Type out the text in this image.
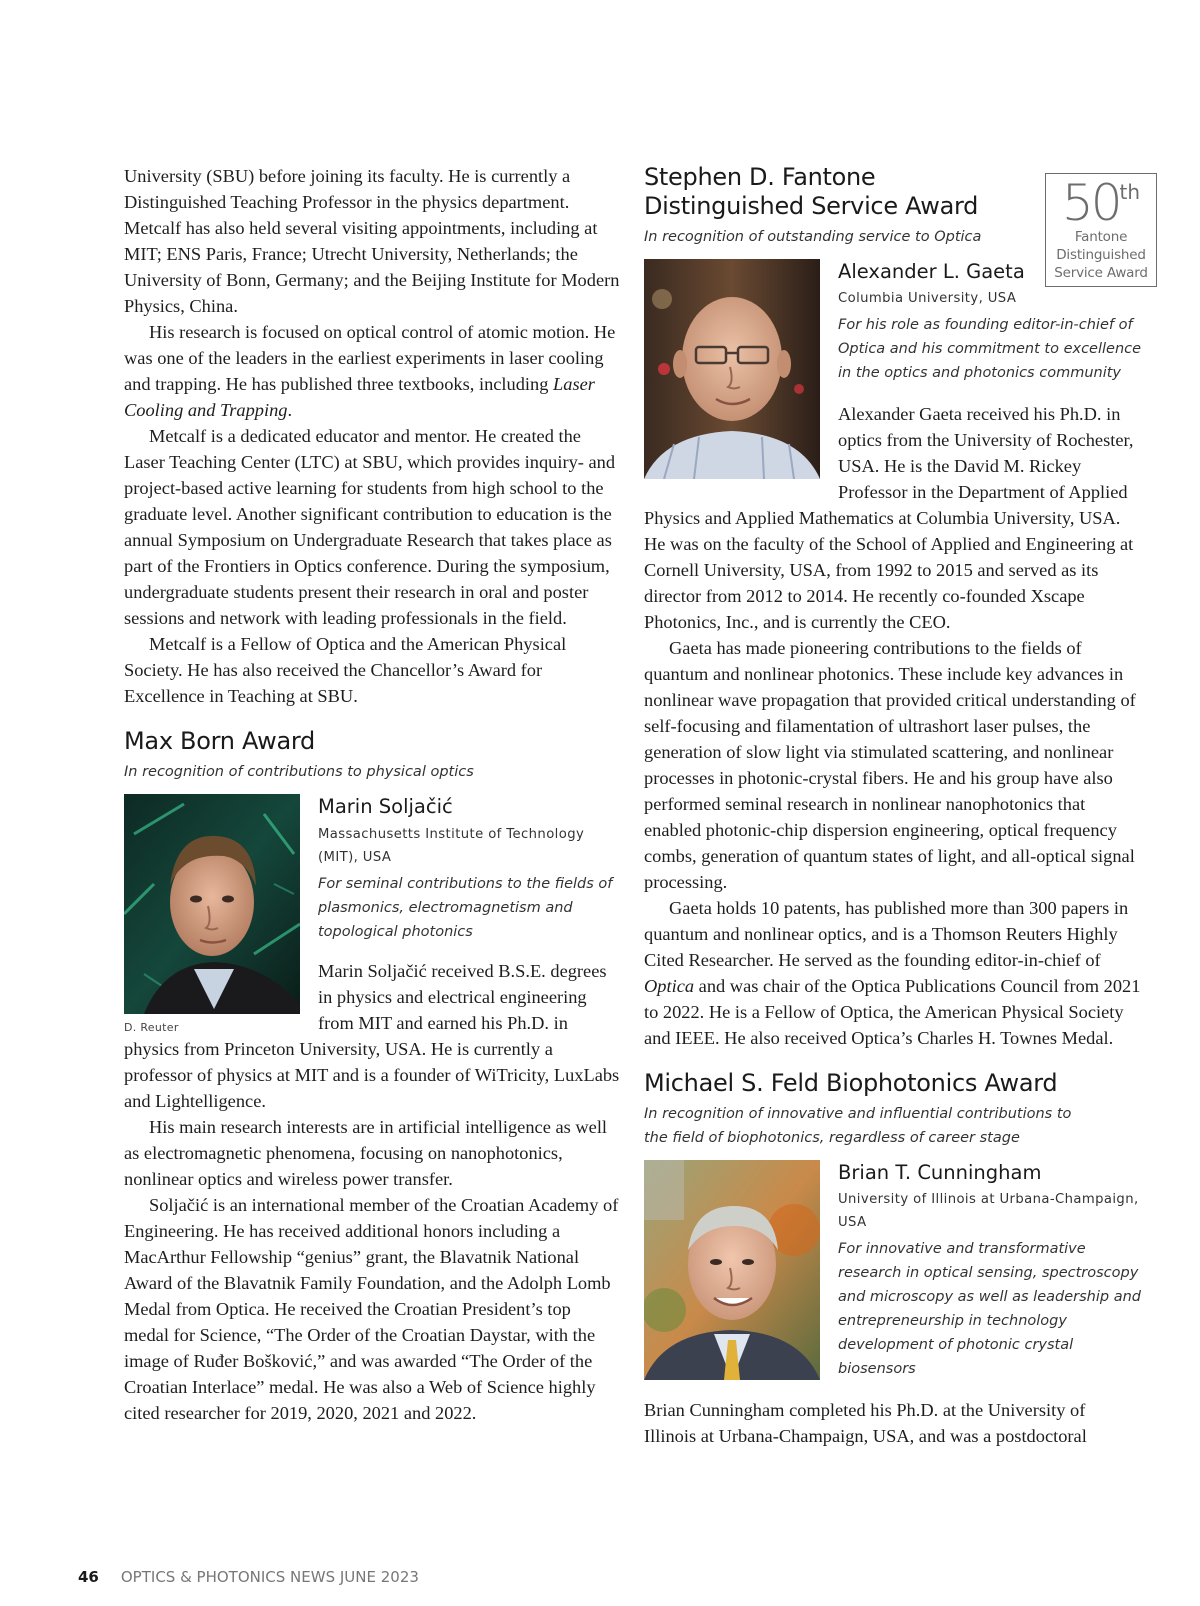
University (SBU) before joining its faculty. He is currently a Distinguished Teaching Professor in the physics department. Metcalf has also held several visiting appointments, including at MIT; ENS Paris, France; Utrecht University, Netherlands; the University of Bonn, Germany; and the Beijing Institute for Modern Physics, China.

His research is focused on optical control of atomic motion. He was one of the leaders in the earliest experiments in laser cooling and trapping. He has published three textbooks, including Laser Cooling and Trapping.

Metcalf is a dedicated educator and mentor. He created the Laser Teaching Center (LTC) at SBU, which provides inquiry- and project-based active learning for students from high school to the graduate level. Another significant contribution to education is the annual Symposium on Undergraduate Research that takes place as part of the Frontiers in Optics conference. During the symposium, undergraduate students present their research in oral and poster sessions and network with leading professionals in the field.

Metcalf is a Fellow of Optica and the American Physical Society. He has also received the Chancellor’s Award for Excellence in Teaching at SBU.

Max Born Award

In recognition of contributions to physical optics

D. Reuter

Marin Soljačić

Massachusetts Institute of Technology (MIT), USA

For seminal contributions to the fields of plasmonics, electromagnetism and topological photonics

Marin Soljačić received B.S.E. degrees in physics and electrical engineering from MIT and earned his Ph.D. in physics from Princeton University, USA. He is currently a professor of physics at MIT and is a founder of WiTricity, LuxLabs and Lightelligence.

His main research interests are in artificial intelligence as well as electromagnetic phenomena, focusing on nanophotonics, nonlinear optics and wireless power transfer.

Soljačić is an international member of the Croatian Academy of Engineering. He has received additional honors including a MacArthur Fellowship “genius” grant, the Blavatnik National Award of the Blavatnik Family Foundation, and the Adolph Lomb Medal from Optica. He received the Croatian President’s top medal for Science, “The Order of the Croatian Daystar, with the image of Ruđer Bošković,” and was awarded “The Order of the Croatian Interlace” medal. He was also a Web of Science highly cited researcher for 2019, 2020, 2021 and 2022.

50th
Fantone
Distinguished
Service Award
Stephen D. Fantone Distinguished Service Award

In recognition of outstanding service to Optica

Alexander L. Gaeta

Columbia University, USA

For his role as founding editor-in-chief of Optica and his commitment to excellence in the optics and photonics community

Alexander Gaeta received his Ph.D. in optics from the University of Rochester, USA. He is the David M. Rickey Professor in the Department of Applied Physics and Applied Mathematics at Columbia University, USA. He was on the faculty of the School of Applied and Engineering at Cornell University, USA, from 1992 to 2015 and served as its director from 2012 to 2014. He recently co-founded Xscape Photonics, Inc., and is currently the CEO.

Gaeta has made pioneering contributions to the fields of quantum and nonlinear photonics. These include key advances in nonlinear wave propagation that provided critical understanding of self-focusing and filamentation of ultrashort laser pulses, the generation of slow light via stimulated scattering, and nonlinear processes in photonic-crystal fibers. He and his group have also performed seminal research in nonlinear nanophotonics that enabled photonic-chip dispersion engineering, optical frequency combs, generation of quantum states of light, and all-optical signal processing.

Gaeta holds 10 patents, has published more than 300 papers in quantum and nonlinear optics, and is a Thomson Reuters Highly Cited Researcher. He served as the founding editor-in-chief of Optica and was chair of the Optica Publications Council from 2021 to 2022. He is a Fellow of Optica, the American Physical Society and IEEE. He also received Optica’s Charles H. Townes Medal.

Michael S. Feld Biophotonics Award

In recognition of innovative and influential contributions to the field of biophotonics, regardless of career stage

Brian T. Cunningham

University of Illinois at Urbana-Champaign, USA

For innovative and transformative research in optical sensing, spectroscopy and microscopy as well as leadership and entrepreneurship in technology development of photonic crystal biosensors

Brian Cunningham completed his Ph.D. at the University of Illinois at Urbana-Champaign, USA, and was a postdoctoral

46 OPTICS & PHOTONICS NEWS JUNE 2023
